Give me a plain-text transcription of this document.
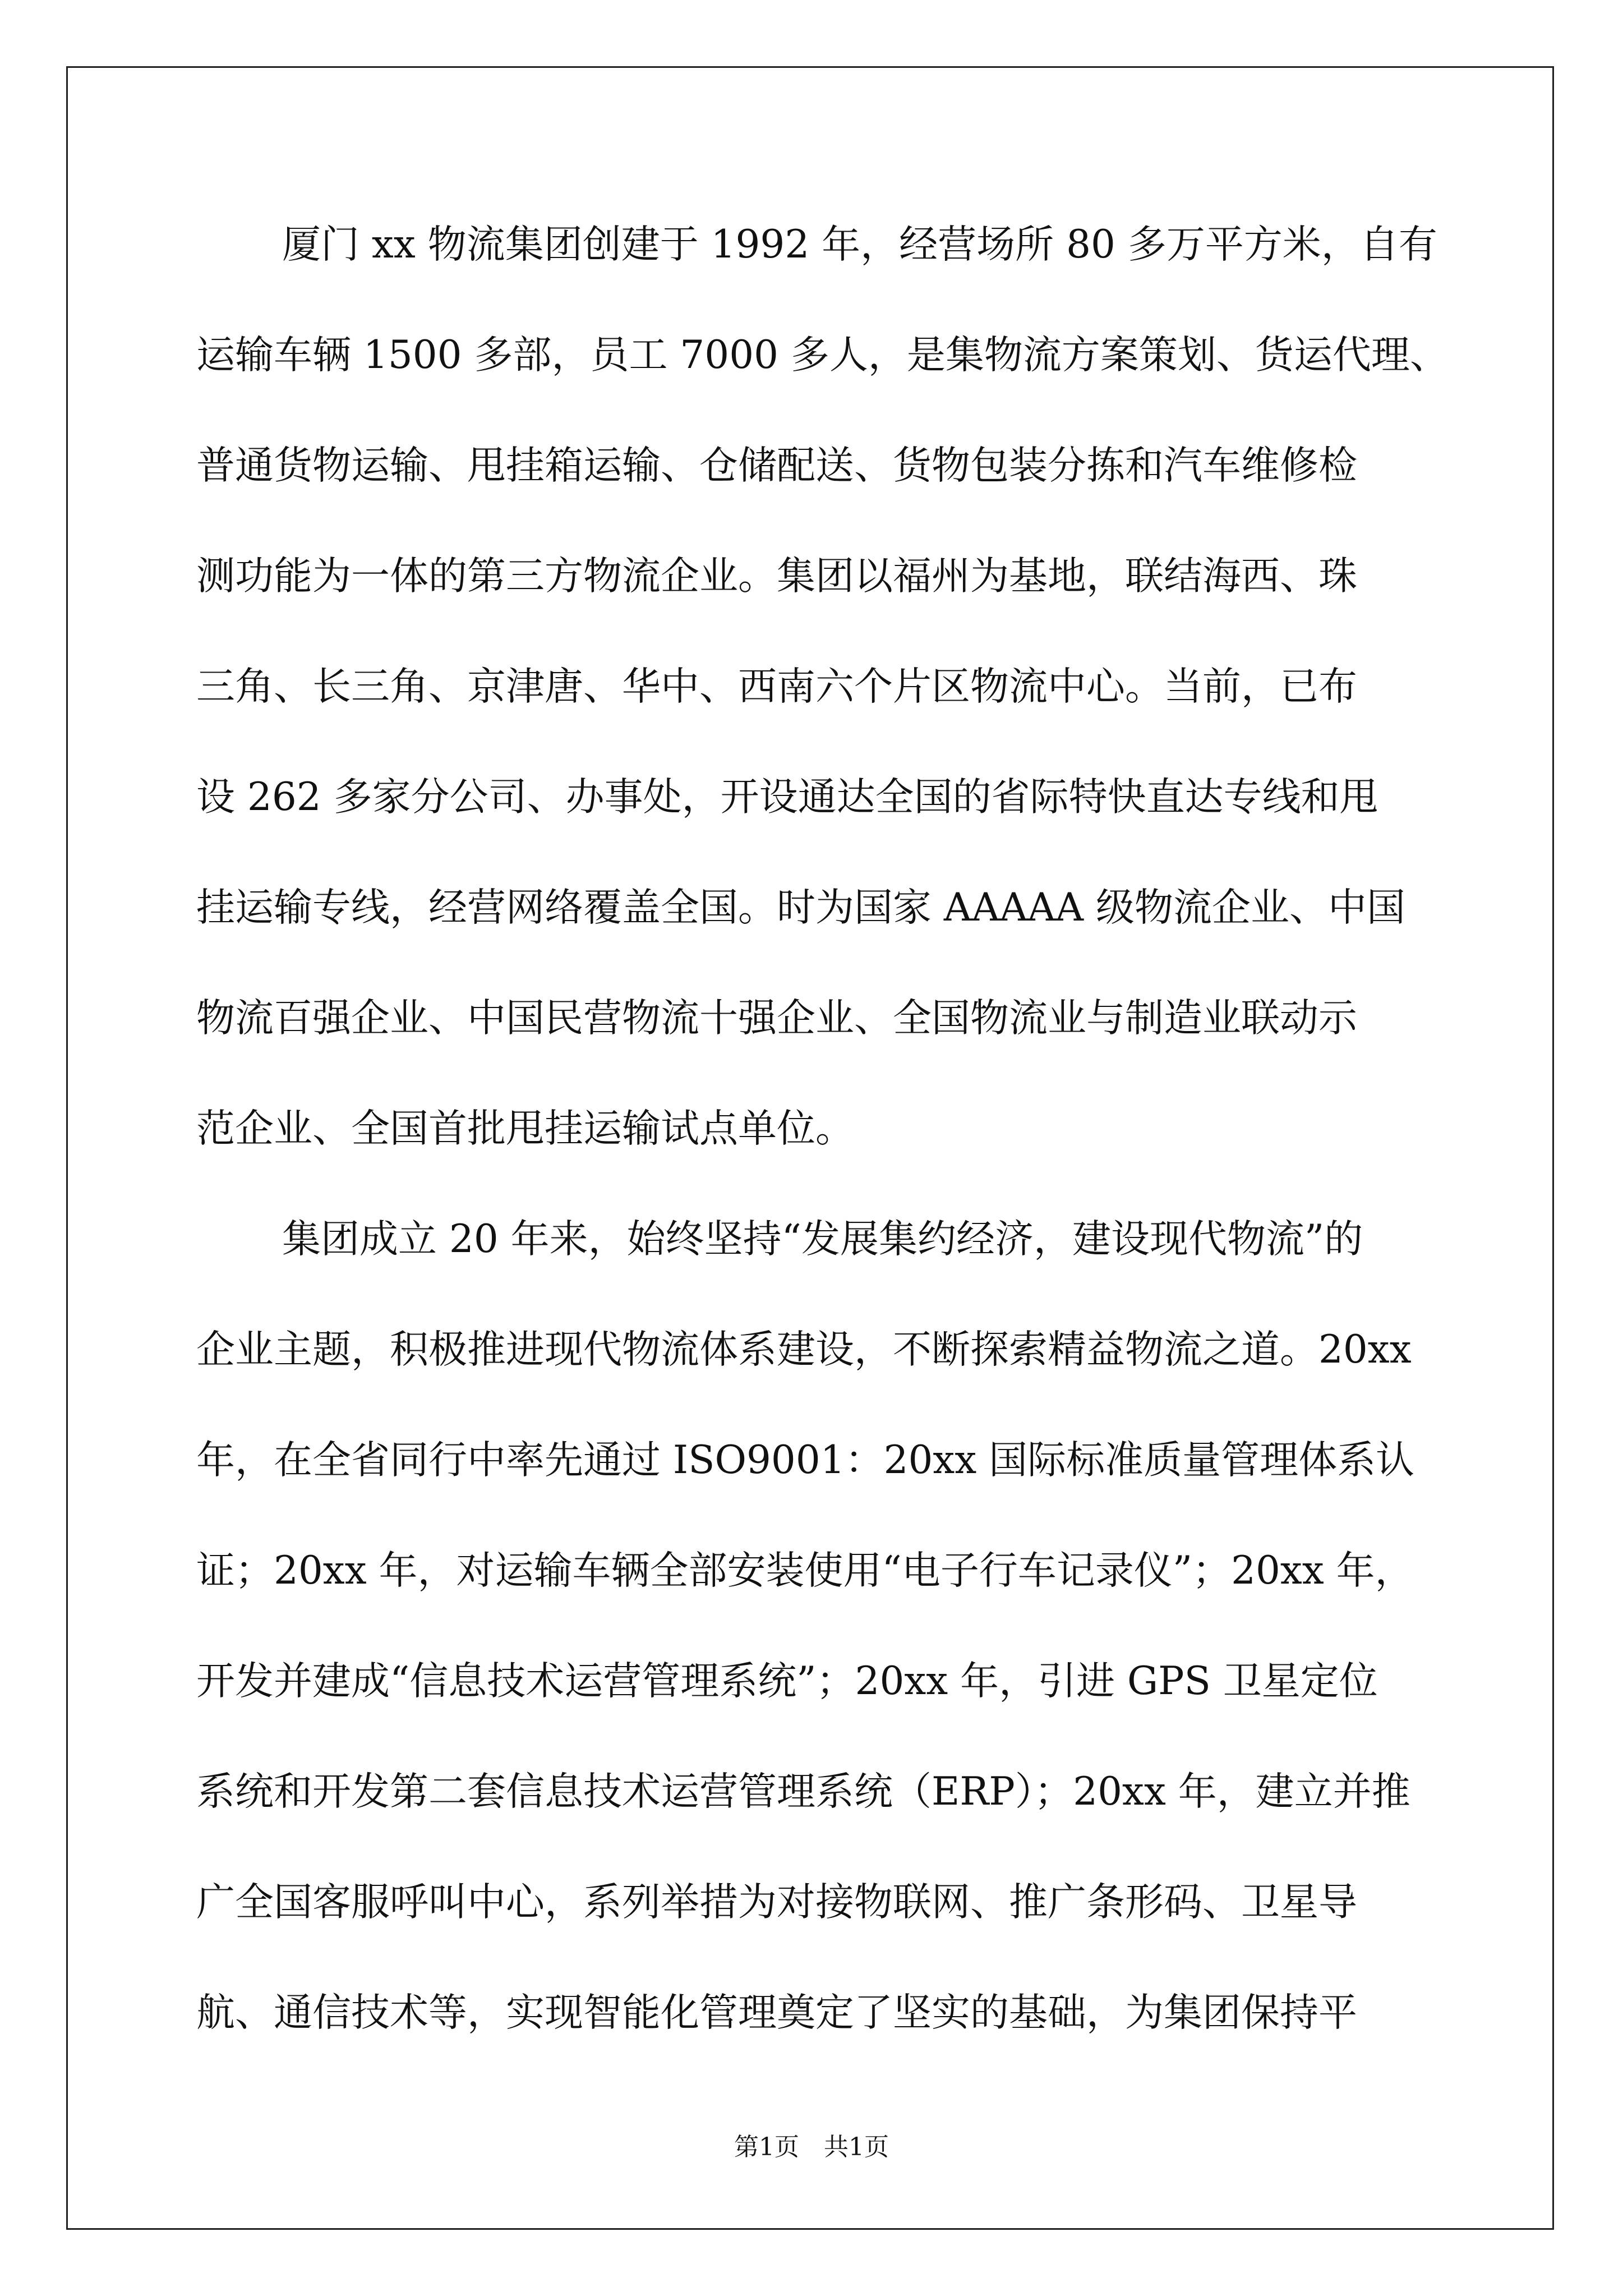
厦门 xx 物流集团创建于 1992 年，经营场所 80 多万平方米，自有
运输车辆 1500 多部，员工 7000 多人，是集物流方案策划、货运代理、
普通货物运输、甩挂箱运输、仓储配送、货物包装分拣和汽车维修检
测功能为一体的第三方物流企业。集团以福州为基地，联结海西、珠
三角、长三角、京津唐、华中、西南六个片区物流中心。当前，已布
设 262 多家分公司、办事处，开设通达全国的省际特快直达专线和甩
挂运输专线，经营网络覆盖全国。时为国家 AAAAA 级物流企业、中国
物流百强企业、中国民营物流十强企业、全国物流业与制造业联动示
范企业、全国首批甩挂运输试点单位。
集团成立 20 年来，始终坚持“发展集约经济，建设现代物流”的
企业主题，积极推进现代物流体系建设，不断探索精益物流之道。20xx
年，在全省同行中率先通过 ISO9001：20xx 国际标准质量管理体系认
证；20xx 年，对运输车辆全部安装使用“电子行车记录仪”；20xx 年，
开发并建成“信息技术运营管理系统”；20xx 年，引进 GPS 卫星定位
系统和开发第二套信息技术运营管理系统（ERP）；20xx 年，建立并推
广全国客服呼叫中心，系列举措为对接物联网、推广条形码、卫星导
航、通信技术等，实现智能化管理奠定了坚实的基础，为集团保持平
第1页　共1页
